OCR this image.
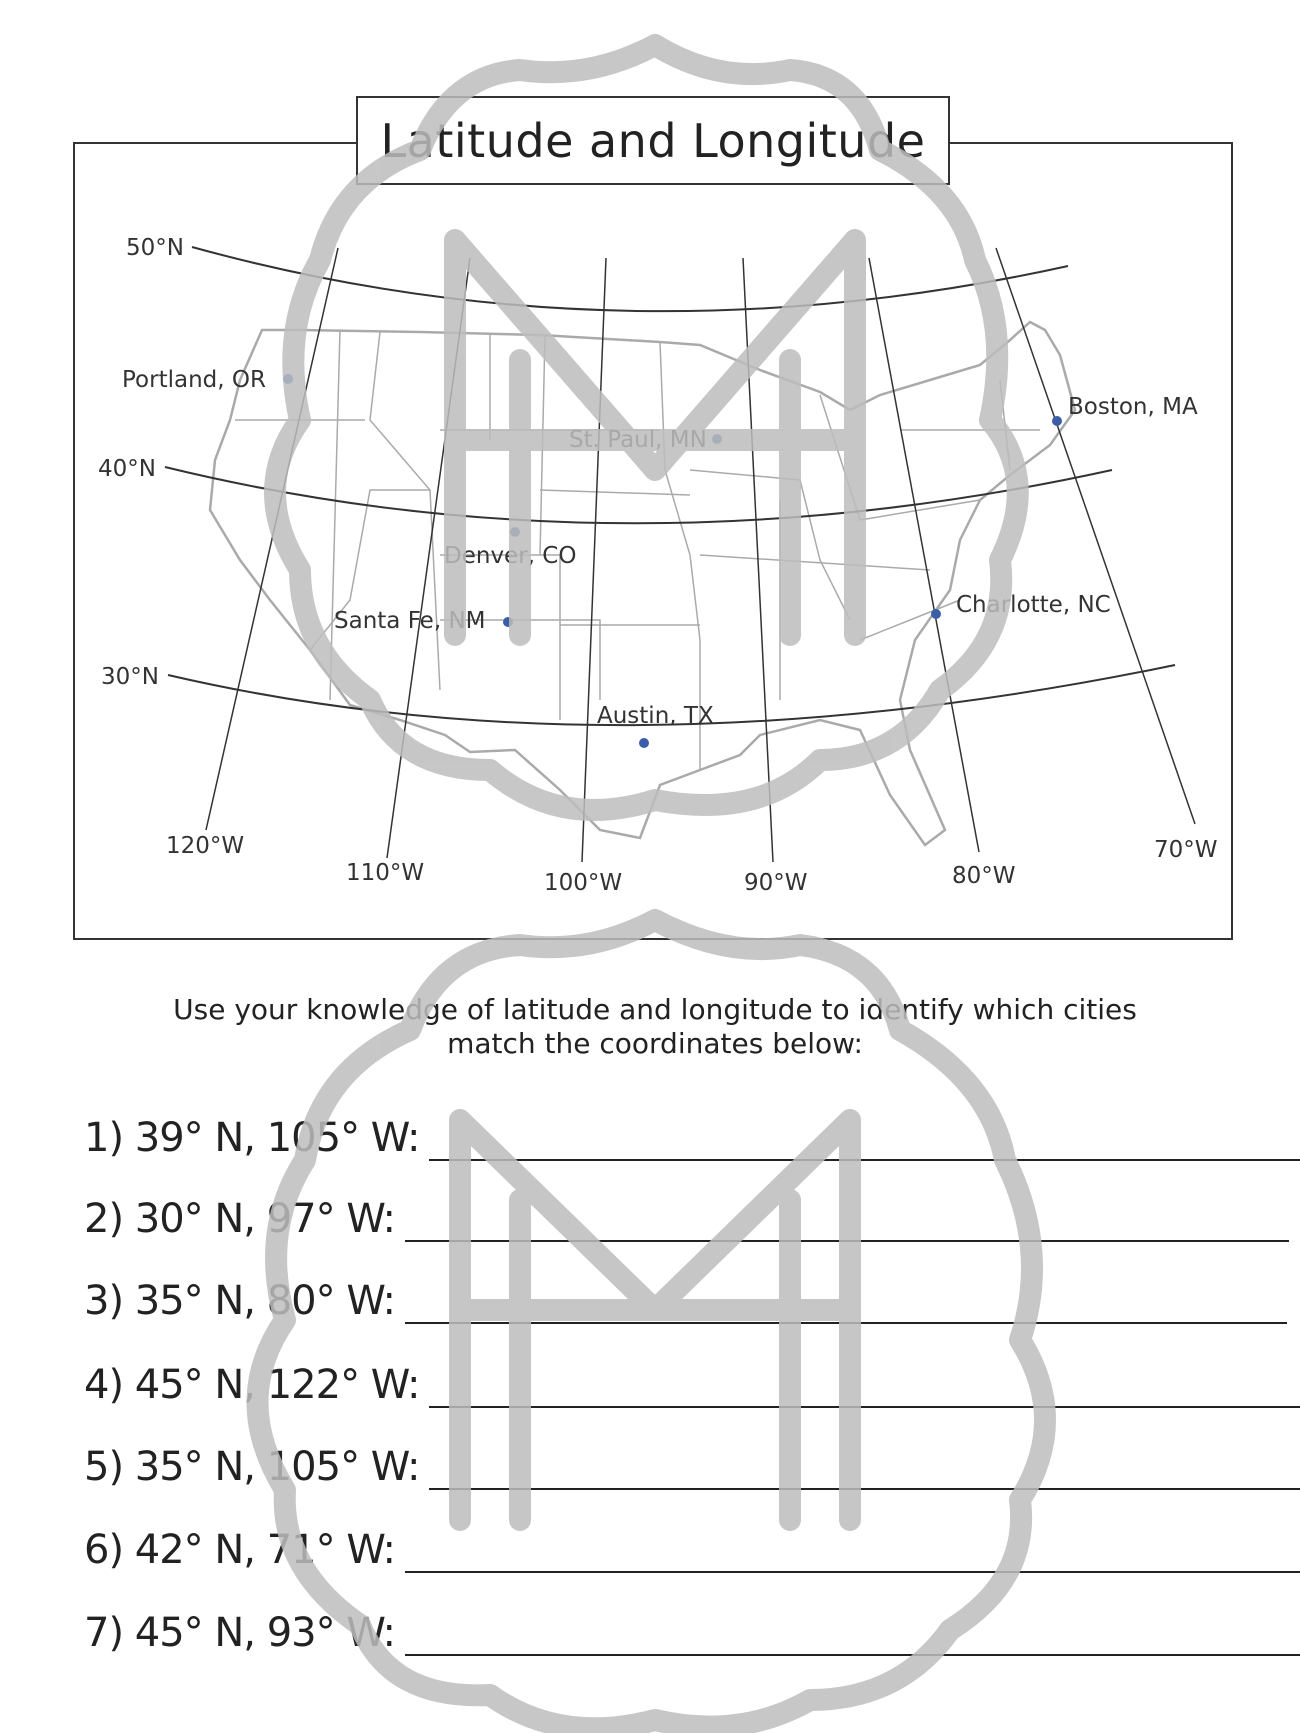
Latitude and Longitude
50°N
40°N
30°N
120°W
110°W	100°W	90°W	80°W
70°W
Portland, OR
St. Paul, MN
Boston, MA
Denver, CO
Santa Fe, NM
Charlotte, NC
Austin, TX
Use your knowledge of latitude and longitude to identify which cities
match the coordinates below:
1) 39° N, 105° W:
2) 30° N, 97° W:
3) 35° N, 80° W:
4) 45° N, 122° W:
5) 35° N, 105° W:
6) 42° N, 71° W:
7) 45° N, 93° W:
